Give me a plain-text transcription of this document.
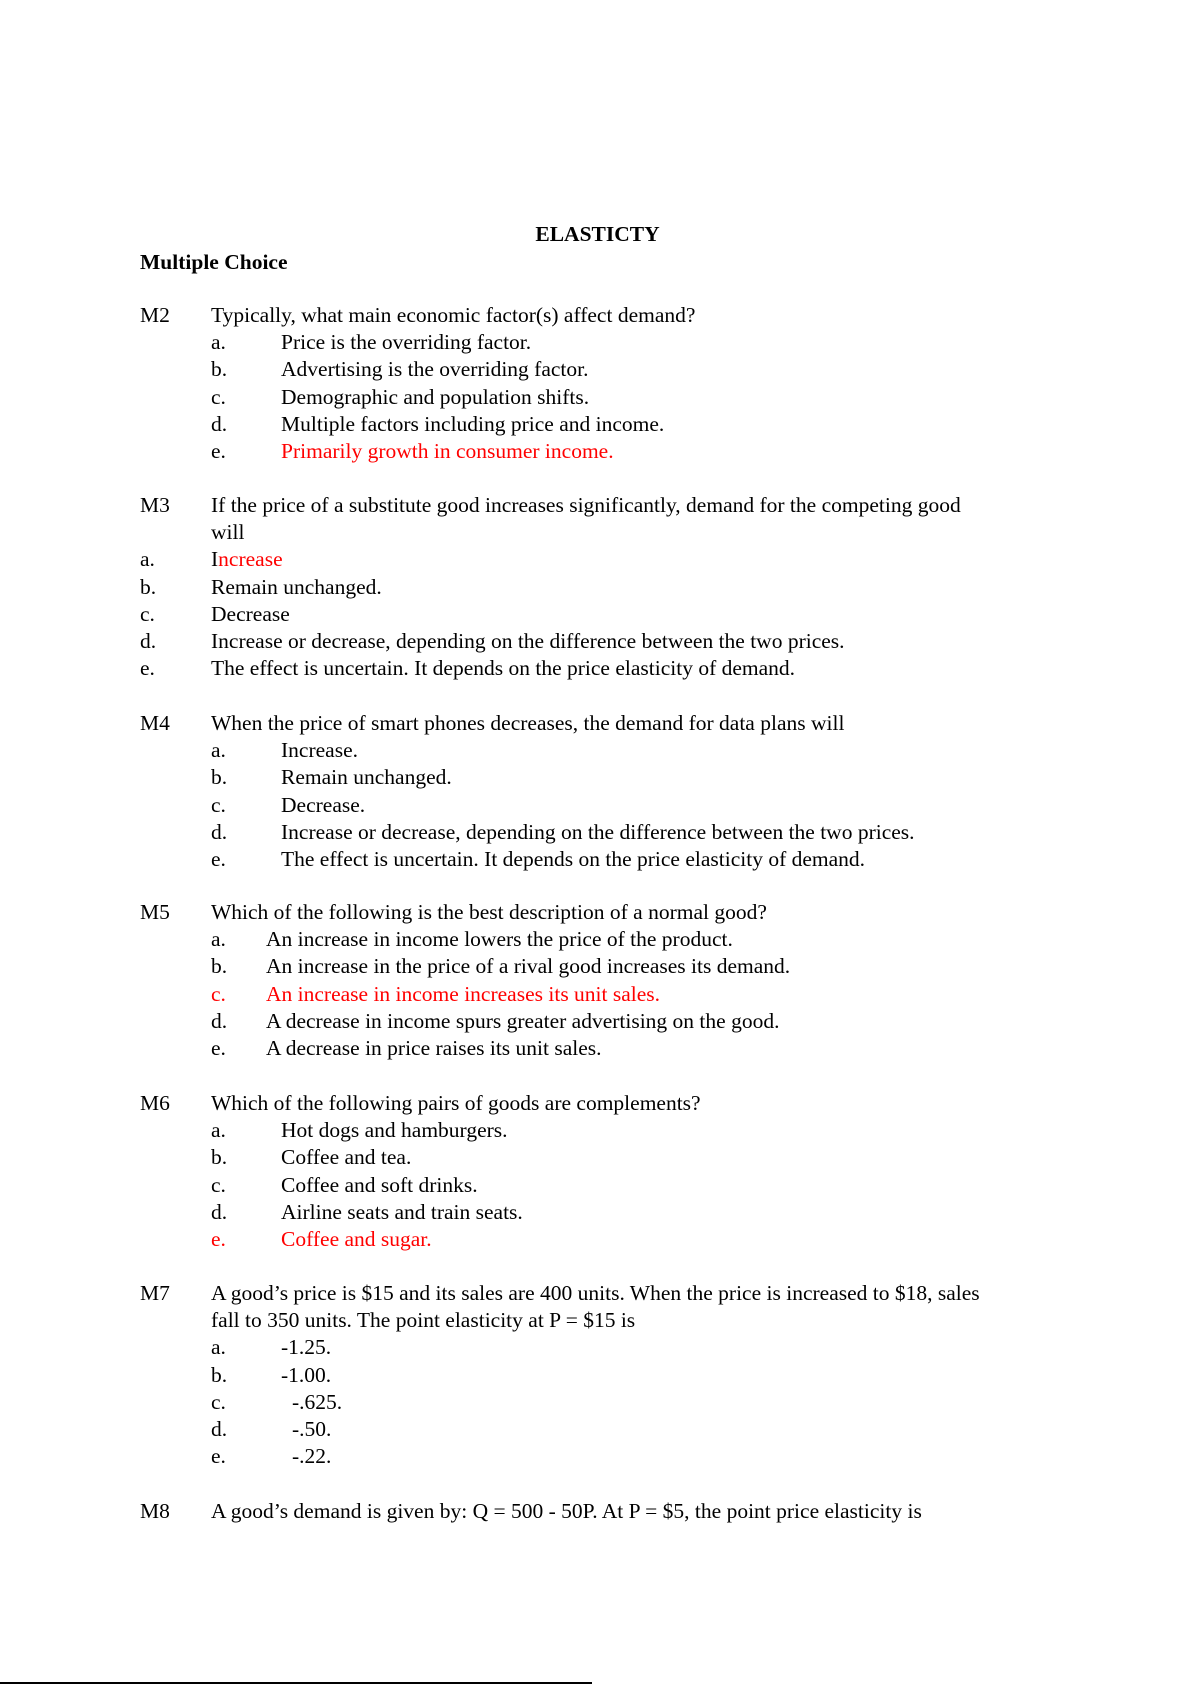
ELASTICTY
Multiple Choice
M2 Typically, what main economic factor(s) affect demand?
a.	Price is the overriding factor.
b.	Advertising is the overriding factor.
c.	Demographic and population shifts.
d.	Multiple factors including price and income.
e.	Primarily growth in consumer income.
M3 If the price of a substitute good increases significantly, demand for the competing good
will
a.	Increase
b.	Remain unchanged.
c.	Decrease
d.	Increase or decrease, depending on the difference between the two prices.
e.	The effect is uncertain. It depends on the price elasticity of demand.
M4 When the price of smart phones decreases, the demand for data plans will
a.	Increase.
b.	Remain unchanged.
c.	Decrease.
d.	Increase or decrease, depending on the difference between the two prices.
e.	The effect is uncertain. It depends on the price elasticity of demand.
M5 Which of the following is the best description of a normal good?
a. An increase in income lowers the price of the product.
b. An increase in the price of a rival good increases its demand.
c. An increase in income increases its unit sales.
d. A decrease in income spurs greater advertising on the good.
e. A decrease in price raises its unit sales.
M6 Which of the following pairs of goods are complements?
a.	Hot dogs and hamburgers.
b.	Coffee and tea.
c.	Coffee and soft drinks.
d.	Airline seats and train seats.
e.	Coffee and sugar.
M7 A good’s price is $15 and its sales are 400 units. When the price is increased to $18, sales
fall to 350 units. The point elasticity at P = $15 is
a.	-1.25.
b.	-1.00.
c.	-.625.
d.	-.50.
e.	-.22.
M8 A good’s demand is given by: Q = 500 - 50P. At P = $5, the point price elasticity is
